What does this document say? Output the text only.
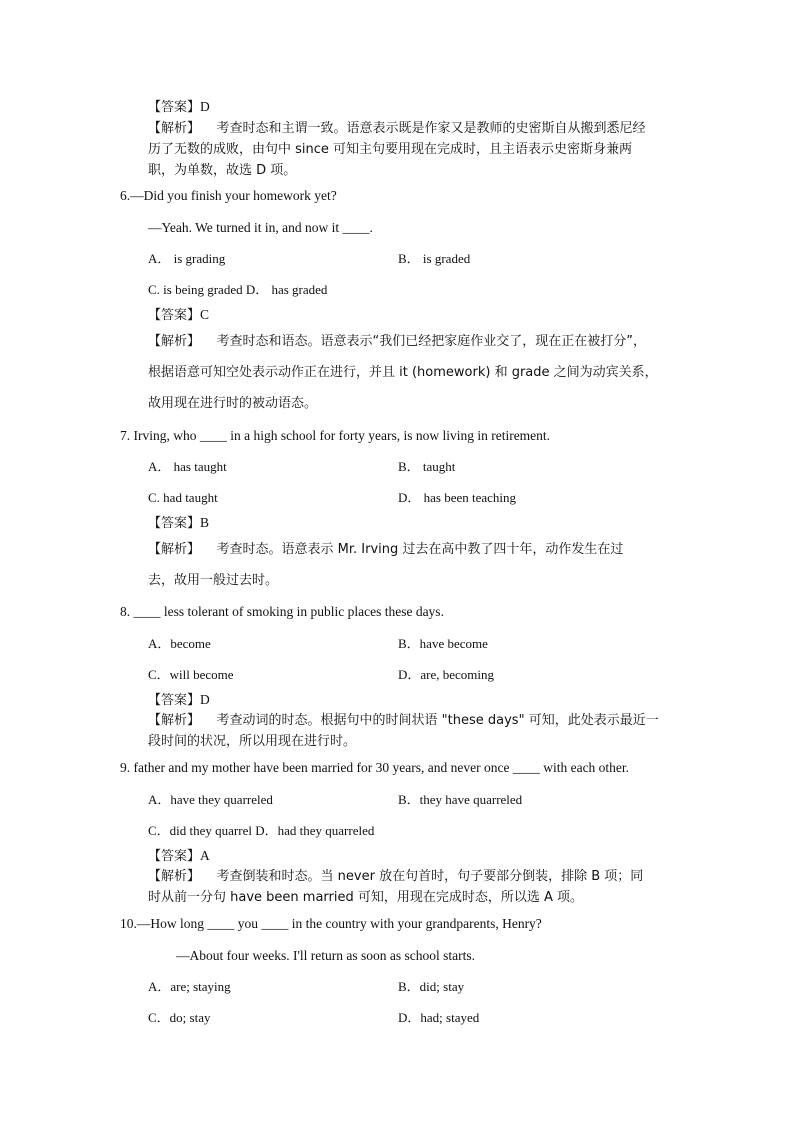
【答案】D
【解析】 考查时态和主谓一致。语意表示既是作家又是教师的史密斯自从搬到悉尼经
历了无数的成败，由句中 since 可知主句要用现在完成时，且主语表示史密斯身兼两
职，为单数，故选 D 项。
6.—Did you finish your homework yet?
—Yeah. We turned it in, and now it ____.
A． is grading	B． is graded
C. is being graded D． has graded
【答案】C
【解析】 考查时态和语态。语意表示“我们已经把家庭作业交了，现在正在被打分”，
根据语意可知空处表示动作正在进行，并且 it (homework) 和 grade 之间为动宾关系，
故用现在进行时的被动语态。
7. Irving, who ____ in a high school for forty years, is now living in retirement.
A． has taught	B． taught
C. had taught	D． has been teaching
【答案】B
【解析】 考查时态。语意表示 Mr. Irving 过去在高中教了四十年，动作发生在过
去，故用一般过去时。
8. ____ less tolerant of smoking in public places these days.
A．become	B．have become
C．will become	D．are, becoming
【答案】D
【解析】 考查动词的时态。根据句中的时间状语 "these days" 可知，此处表示最近一
段时间的状况，所以用现在进行时。
9. father and my mother have been married for 30 years, and never once ____ with each other.
A．have they quarreled	B．they have quarreled
C．did they quarrel D．had they quarreled
【答案】A
【解析】 考查倒装和时态。当 never 放在句首时，句子要部分倒装，排除 B 项；同
时从前一分句 have been married 可知，用现在完成时态，所以选 A 项。
10.—How long ____ you ____ in the country with your grandparents, Henry?
—About four weeks. I'll return as soon as school starts.
A．are; staying	B．did; stay
C．do; stay	D．had; stayed
